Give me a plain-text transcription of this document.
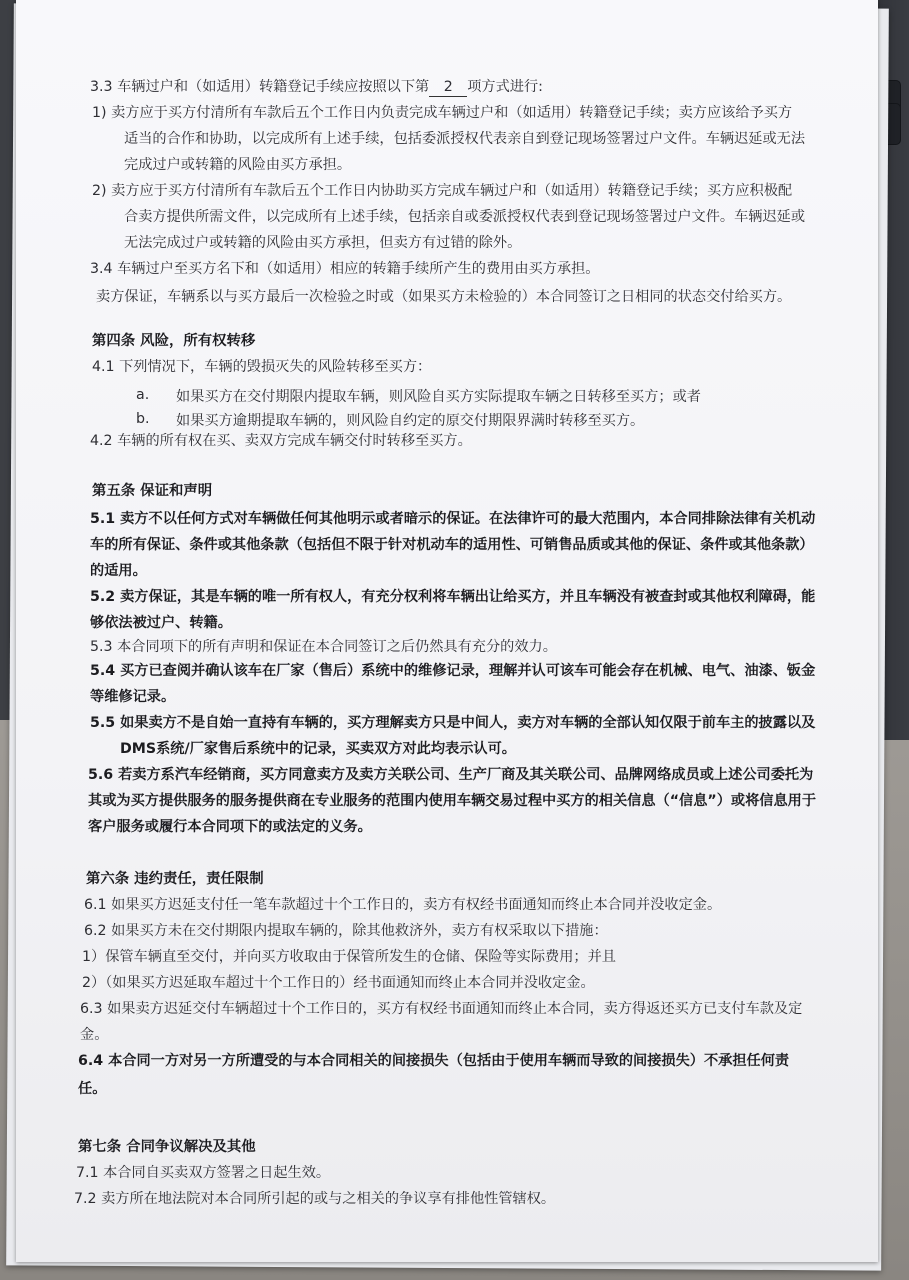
3.3 车辆过户和（如适用）转籍登记手续应按照以下第 2 项方式进行:
1) 卖方应于买方付清所有车款后五个工作日内负责完成车辆过户和（如适用）转籍登记手续；卖方应该给予买方
适当的合作和协助，以完成所有上述手续，包括委派授权代表亲自到登记现场签署过户文件。车辆迟延或无法
完成过户或转籍的风险由买方承担。
2) 卖方应于买方付清所有车款后五个工作日内协助买方完成车辆过户和（如适用）转籍登记手续；买方应积极配
合卖方提供所需文件，以完成所有上述手续，包括亲自或委派授权代表到登记现场签署过户文件。车辆迟延或
无法完成过户或转籍的风险由买方承担，但卖方有过错的除外。
3.4 车辆过户至买方名下和（如适用）相应的转籍手续所产生的费用由买方承担。
卖方保证，车辆系以与买方最后一次检验之时或（如果买方未检验的）本合同签订之日相同的状态交付给买方。
第四条 风险，所有权转移
4.1 下列情况下，车辆的毁损灭失的风险转移至买方：
a. 如果买方在交付期限内提取车辆，则风险自买方实际提取车辆之日转移至买方；或者
b. 如果买方逾期提取车辆的，则风险自约定的原交付期限界满时转移至买方。
4.2 车辆的所有权在买、卖双方完成车辆交付时转移至买方。
第五条 保证和声明
5.1 卖方不以任何方式对车辆做任何其他明示或者暗示的保证。在法律许可的最大范围内，本合同排除法律有关机动
车的所有保证、条件或其他条款（包括但不限于针对机动车的适用性、可销售品质或其他的保证、条件或其他条款）
的适用。
5.2 卖方保证，其是车辆的唯一所有权人，有充分权利将车辆出让给买方，并且车辆没有被查封或其他权利障碍，能
够依法被过户、转籍。
5.3 本合同项下的所有声明和保证在本合同签订之后仍然具有充分的效力。
5.4 买方已查阅并确认该车在厂家（售后）系统中的维修记录，理解并认可该车可能会存在机械、电气、油漆、钣金
等维修记录。
5.5 如果卖方不是自始一直持有车辆的，买方理解卖方只是中间人，卖方对车辆的全部认知仅限于前车主的披露以及
DMS系统/厂家售后系统中的记录，买卖双方对此均表示认可。
5.6 若卖方系汽车经销商，买方同意卖方及卖方关联公司、生产厂商及其关联公司、品牌网络成员或上述公司委托为
其或为买方提供服务的服务提供商在专业服务的范围内使用车辆交易过程中买方的相关信息（“信息”）或将信息用于
客户服务或履行本合同项下的或法定的义务。
第六条 违约责任，责任限制
6.1 如果买方迟延支付任一笔车款超过十个工作日的，卖方有权经书面通知而终止本合同并没收定金。
6.2 如果买方未在交付期限内提取车辆的，除其他救济外，卖方有权采取以下措施：
1）保管车辆直至交付，并向买方收取由于保管所发生的仓储、保险等实际费用；并且
2）（如果买方迟延取车超过十个工作日的）经书面通知而终止本合同并没收定金。
6.3 如果卖方迟延交付车辆超过十个工作日的，买方有权经书面通知而终止本合同，卖方得返还买方已支付车款及定
金。
6.4 本合同一方对另一方所遭受的与本合同相关的间接损失（包括由于使用车辆而导致的间接损失）不承担任何责
任。
第七条 合同争议解决及其他
7.1 本合同自买卖双方签署之日起生效。
7.2 卖方所在地法院对本合同所引起的或与之相关的争议享有排他性管辖权。
